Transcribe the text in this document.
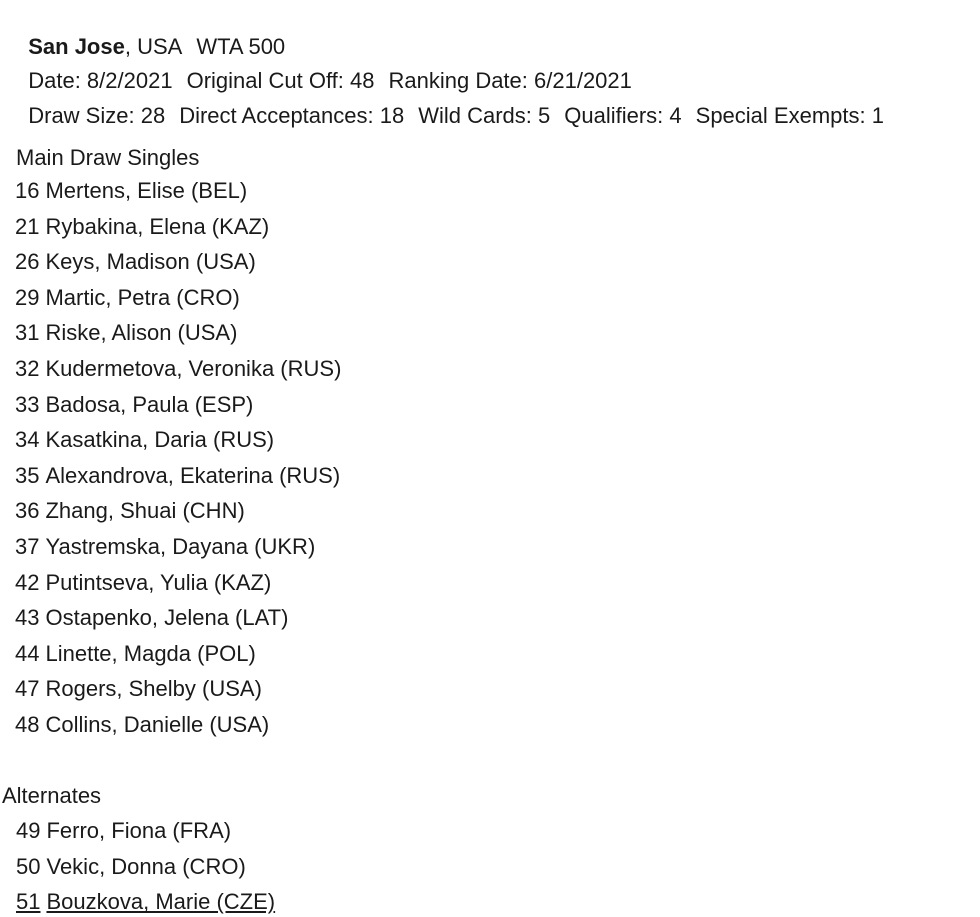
San Jose, USA WTA 500

Date: 8/2/2021 Original Cut Off: 48 Ranking Date: 6/21/2021

Draw Size: 28 Direct Acceptances: 18 Wild Cards: 5 Qualifiers: 4 Special Exempts: 1

Main Draw Singles
16 Mertens, Elise (BEL)
21 Rybakina, Elena (KAZ)
26 Keys, Madison (USA)
29 Martic, Petra (CRO)
31 Riske, Alison (USA)
32 Kudermetova, Veronika (RUS)
33 Badosa, Paula (ESP)
34 Kasatkina, Daria (RUS)
35 Alexandrova, Ekaterina (RUS)
36 Zhang, Shuai (CHN)
37 Yastremska, Dayana (UKR)
42 Putintseva, Yulia (KAZ)
43 Ostapenko, Jelena (LAT)
44 Linette, Magda (POL)
47 Rogers, Shelby (USA)
48 Collins, Danielle (USA)
Alternates
49 Ferro, Fiona (FRA)
50 Vekic, Donna (CRO)
51 Bouzkova, Marie (CZE)
